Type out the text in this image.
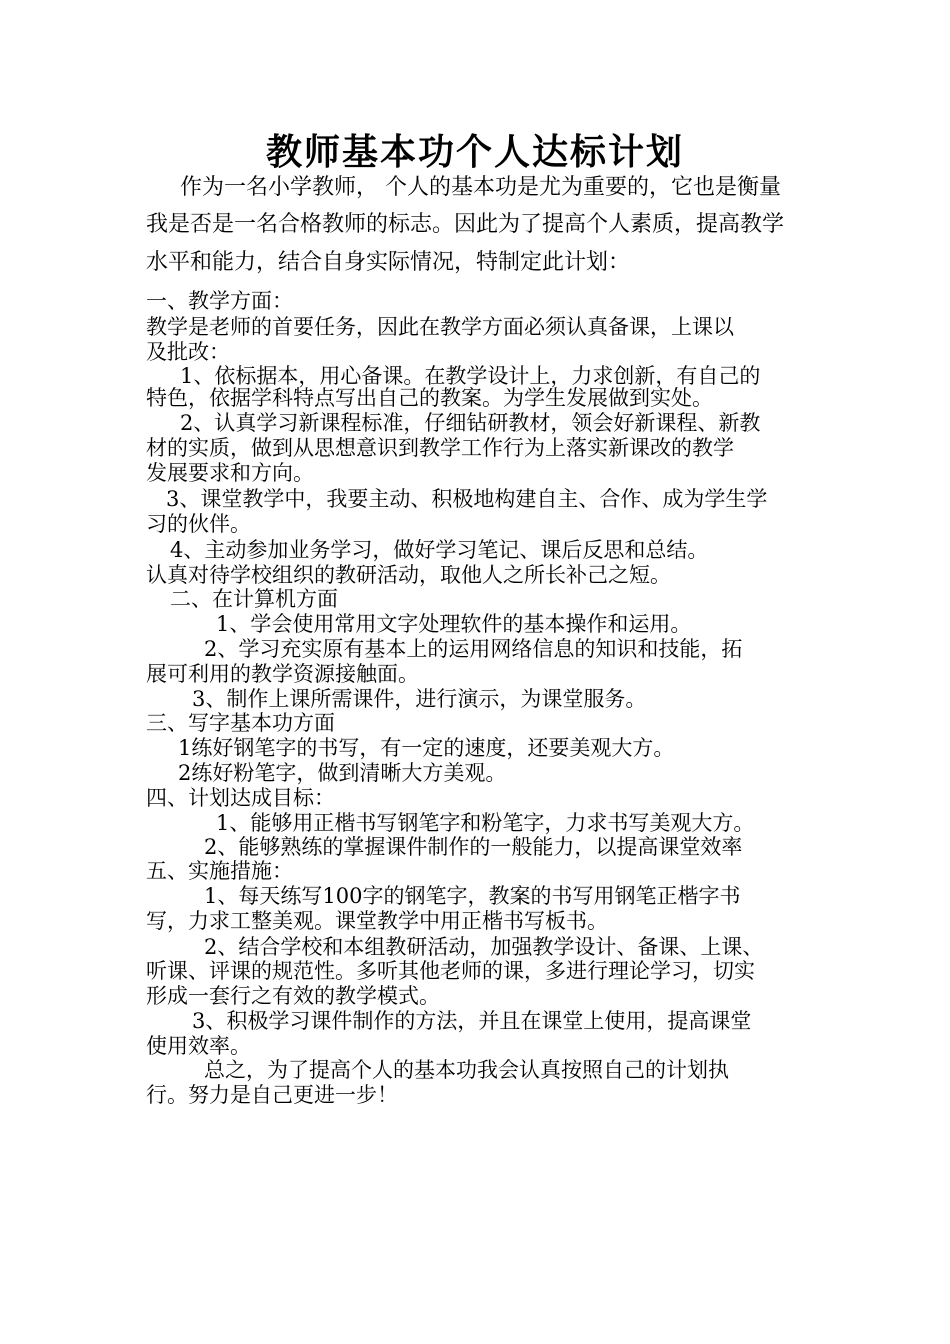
教师基本功个人达标计划
作为一名小学教师， 个人的基本功是尤为重要的，它也是衡量
我是否是一名合格教师的标志。因此为了提高个人素质，提高教学
水平和能力，结合自身实际情况，特制定此计划：
一、教学方面：
教学是老师的首要任务，因此在教学方面必须认真备课，上课以
及批改：
1、依标据本，用心备课。在教学设计上，力求创新，有自己的
特色，依据学科特点写出自己的教案。为学生发展做到实处。
2、认真学习新课程标准，仔细钻研教材，领会好新课程、新教
材的实质，做到从思想意识到教学工作行为上落实新课改的教学
发展要求和方向。
3、课堂教学中，我要主动、积极地构建自主、合作、成为学生学
习的伙伴。
4、主动参加业务学习，做好学习笔记、课后反思和总结。
认真对待学校组织的教研活动，取他人之所长补己之短。
二、在计算机方面
1、学会使用常用文字处理软件的基本操作和运用。
2、学习充实原有基本上的运用网络信息的知识和技能，拓
展可利用的教学资源接触面。
3、制作上课所需课件，进行演示，为课堂服务。
三、写字基本功方面
1练好钢笔字的书写，有一定的速度，还要美观大方。
2练好粉笔字，做到清晰大方美观。
四、计划达成目标：
1、能够用正楷书写钢笔字和粉笔字，力求书写美观大方。
2、能够熟练的掌握课件制作的一般能力，以提高课堂效率
五、实施措施：
1、每天练写100字的钢笔字，教案的书写用钢笔正楷字书
写，力求工整美观。课堂教学中用正楷书写板书。
2、结合学校和本组教研活动，加强教学设计、备课、上课、
听课、评课的规范性。多听其他老师的课，多进行理论学习，切实
形成一套行之有效的教学模式。
3、积极学习课件制作的方法，并且在课堂上使用，提高课堂
使用效率。
总之，为了提高个人的基本功我会认真按照自己的计划执
行。努力是自己更进一步！
